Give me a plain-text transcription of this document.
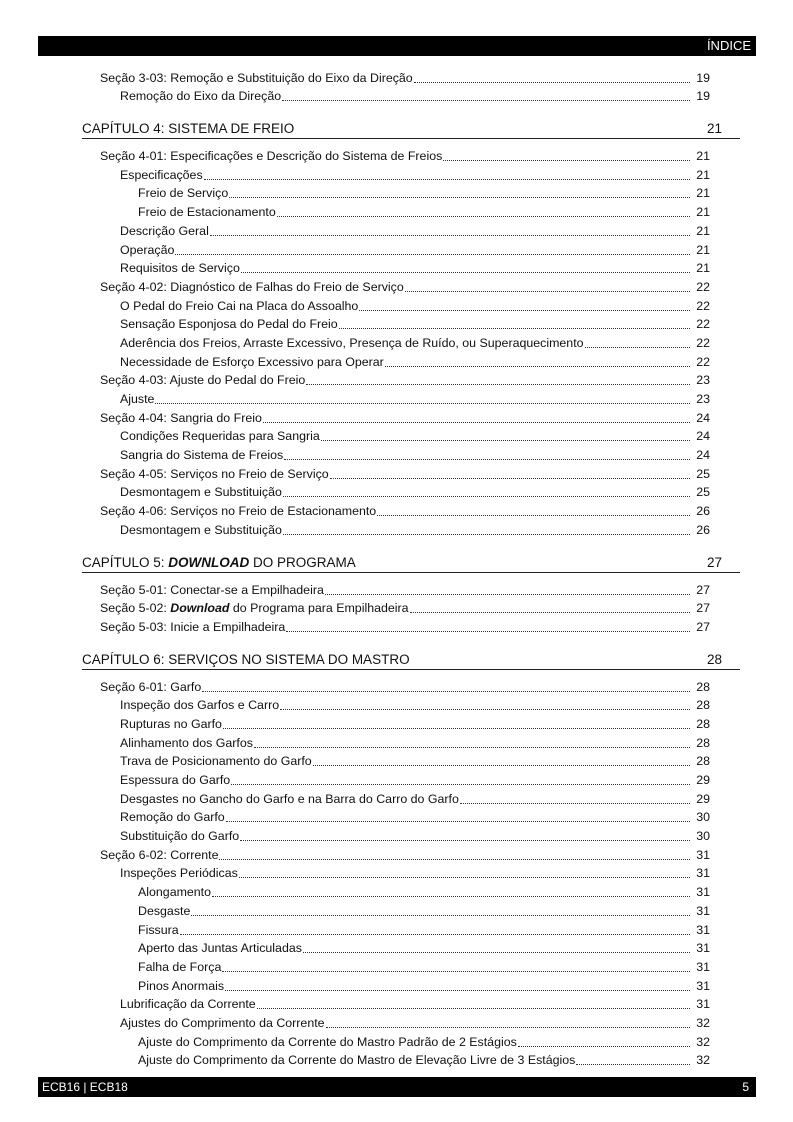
ÍNDICE
Seção 3-03: Remoção e Substituição do Eixo da Direção	19
Remoção do Eixo da Direção	19
CAPÍTULO 4: SISTEMA DE FREIO	21
Seção 4-01: Especificações e Descrição do Sistema de Freios	21
Especificações	21
Freio de Serviço	21
Freio de Estacionamento	21
Descrição Geral	21
Operação	21
Requisitos de Serviço	21
Seção 4-02: Diagnóstico de Falhas do Freio de Serviço	22
O Pedal do Freio Cai na Placa do Assoalho	22
Sensação Esponjosa do Pedal do Freio	22
Aderência dos Freios, Arraste Excessivo, Presença de Ruído, ou Superaquecimento	22
Necessidade de Esforço Excessivo para Operar	22
Seção 4-03: Ajuste do Pedal do Freio	23
Ajuste	23
Seção 4-04: Sangria do Freio	24
Condições Requeridas para Sangria	24
Sangria do Sistema de Freios	24
Seção 4-05: Serviços no Freio de Serviço	25
Desmontagem e Substituição	25
Seção 4-06: Serviços no Freio de Estacionamento	26
Desmontagem e Substituição	26
CAPÍTULO 5: DOWNLOAD DO PROGRAMA	27
Seção 5-01: Conectar-se a Empilhadeira	27
Seção 5-02: Download do Programa para Empilhadeira	27
Seção 5-03: Inicie a Empilhadeira	27
CAPÍTULO 6: SERVIÇOS NO SISTEMA DO MASTRO	28
Seção 6-01: Garfo	28
Inspeção dos Garfos e Carro	28
Rupturas no Garfo	28
Alinhamento dos Garfos	28
Trava de Posicionamento do Garfo	28
Espessura do Garfo	29
Desgastes no Gancho do Garfo e na Barra do Carro do Garfo	29
Remoção do Garfo	30
Substituição do Garfo	30
Seção 6-02: Corrente	31
Inspeções Periódicas	31
Alongamento	31
Desgaste	31
Fissura	31
Aperto das Juntas Articuladas	31
Falha de Força	31
Pinos Anormais	31
Lubrificação da Corrente	31
Ajustes do Comprimento da Corrente	32
Ajuste do Comprimento da Corrente do Mastro Padrão de 2 Estágios	32
Ajuste do Comprimento da Corrente do Mastro de Elevação Livre de 3 Estágios	32
ECB16 | ECB18	5
